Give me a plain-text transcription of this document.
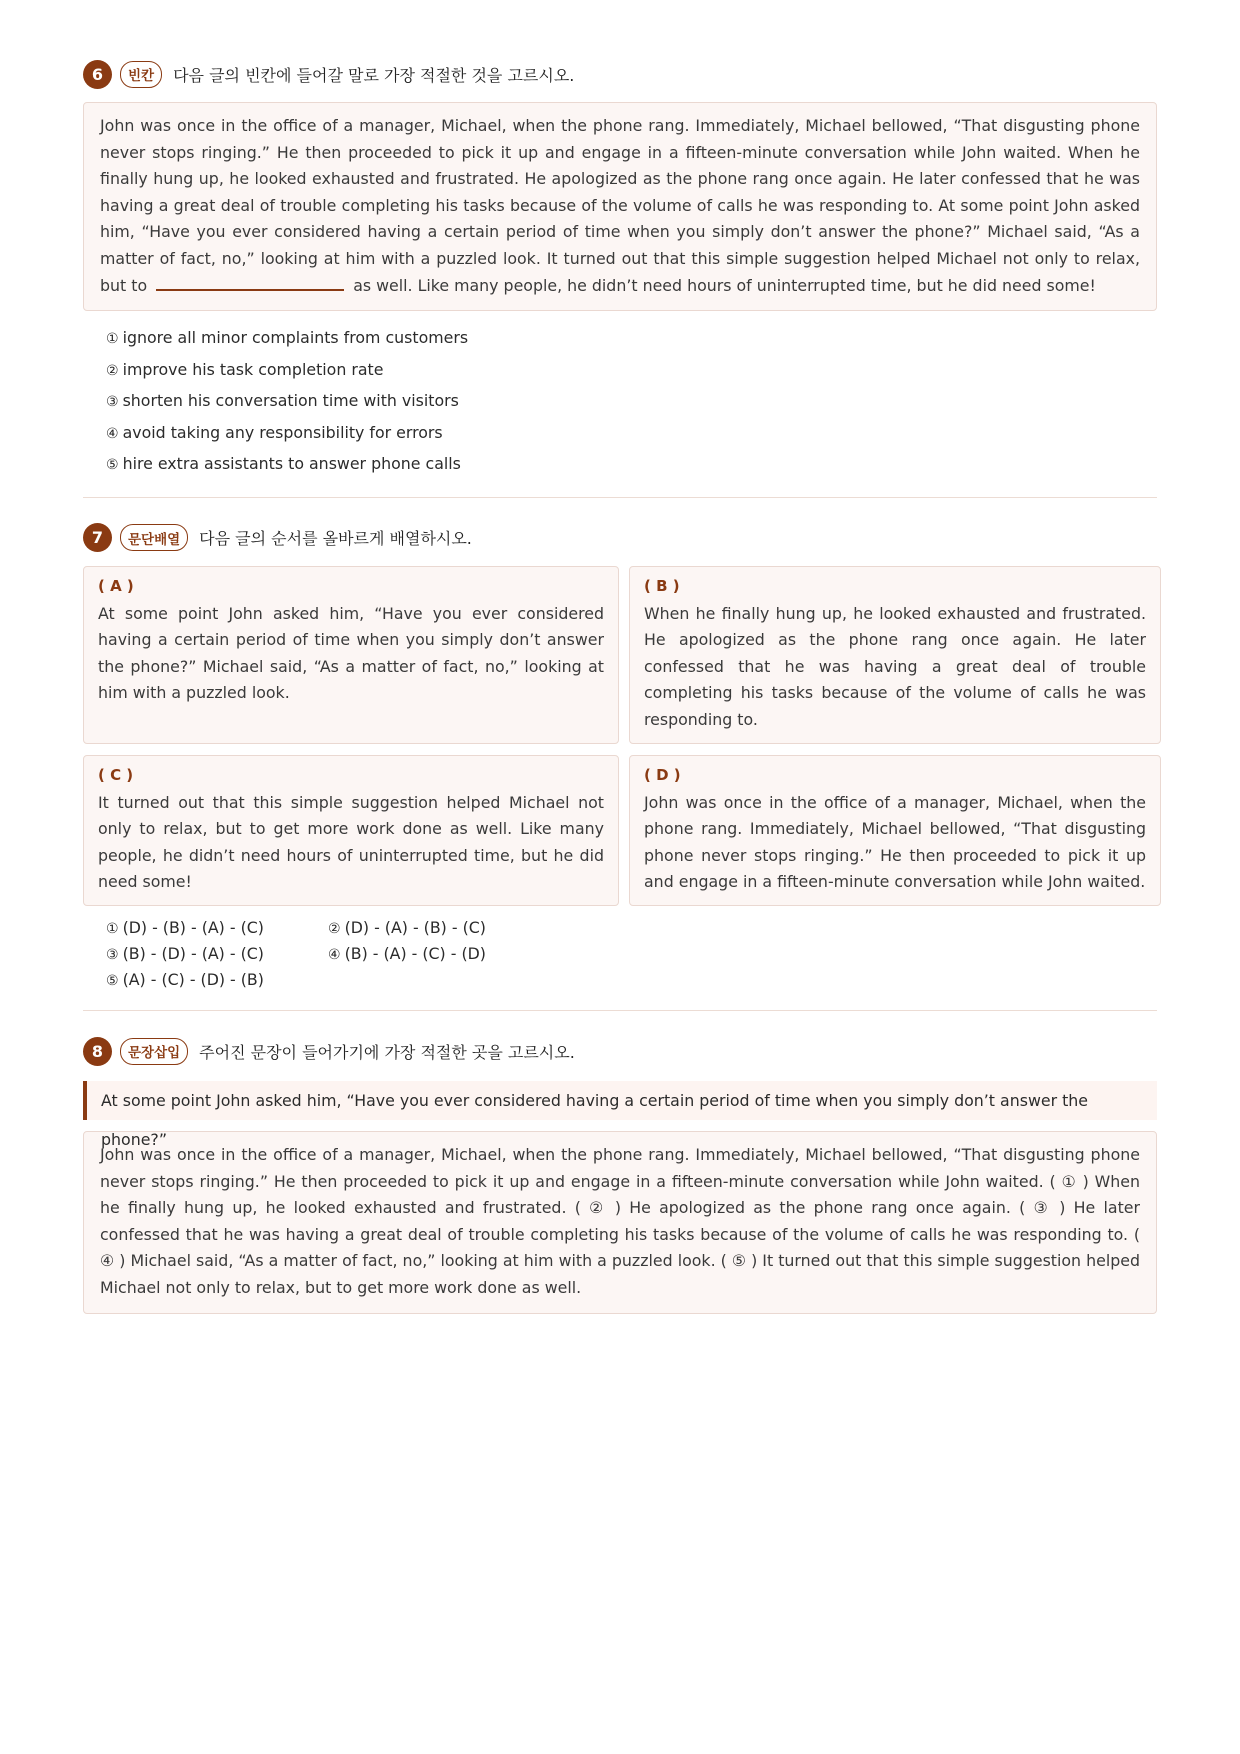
6	빈칸	다음 글의 빈칸에 들어갈 말로 가장 적절한 것을 고르시오.
John was once in the office of a manager, Michael, when the phone rang. Immediately, Michael bellowed, “That disgusting phone never stops ringing.” He then proceeded to pick it up and engage in a fifteen-minute conversation while John waited. When he finally hung up, he looked exhausted and frustrated. He apologized as the phone rang once again. He later confessed that he was having a great deal of trouble completing his tasks because of the volume of calls he was responding to. At some point John asked him, “Have you ever considered having a certain period of time when you simply don’t answer the phone?” Michael said, “As a matter of fact, no,” looking at him with a puzzled look. It turned out that this simple suggestion helped Michael not only to relax, but to	as well. Like many people, he didn’t need hours of uninterrupted time, but he did need some!
① ignore all minor complaints from customers
② improve his task completion rate
③ shorten his conversation time with visitors
④ avoid taking any responsibility for errors
⑤ hire extra assistants to answer phone calls
7	문단배열	다음 글의 순서를 올바르게 배열하시오.
( A )
At some point John asked him, “Have you ever considered having a certain period of time when you simply don’t answer the phone?” Michael said, “As a matter of fact, no,” looking at him with a puzzled look.
( B )
When he finally hung up, he looked exhausted and frustrated. He apologized as the phone rang once again. He later confessed that he was having a great deal of trouble completing his tasks because of the volume of calls he was responding to.
( C )
It turned out that this simple suggestion helped Michael not only to relax, but to get more work done as well. Like many people, he didn’t need hours of uninterrupted time, but he did need some!
( D )
John was once in the office of a manager, Michael, when the phone rang. Immediately, Michael bellowed, “That disgusting phone never stops ringing.” He then proceeded to pick it up and engage in a fifteen-minute conversation while John waited.
① (D) - (B) - (A) - (C)	② (D) - (A) - (B) - (C)
③ (B) - (D) - (A) - (C)	④ (B) - (A) - (C) - (D)
⑤ (A) - (C) - (D) - (B)
8	문장삽입	주어진 문장이 들어가기에 가장 적절한 곳을 고르시오.
At some point John asked him, “Have you ever considered having a certain period of time when you simply don’t answer the phone?”
John was once in the office of a manager, Michael, when the phone rang. Immediately, Michael bellowed, “That disgusting phone never stops ringing.” He then proceeded to pick it up and engage in a fifteen-minute conversation while John waited. ( ① ) When he finally hung up, he looked exhausted and frustrated. ( ② ) He apologized as the phone rang once again. ( ③ ) He later confessed that he was having a great deal of trouble completing his tasks because of the volume of calls he was responding to. ( ④ ) Michael said, “As a matter of fact, no,” looking at him with a puzzled look. ( ⑤ ) It turned out that this simple suggestion helped Michael not only to relax, but to get more work done as well.
